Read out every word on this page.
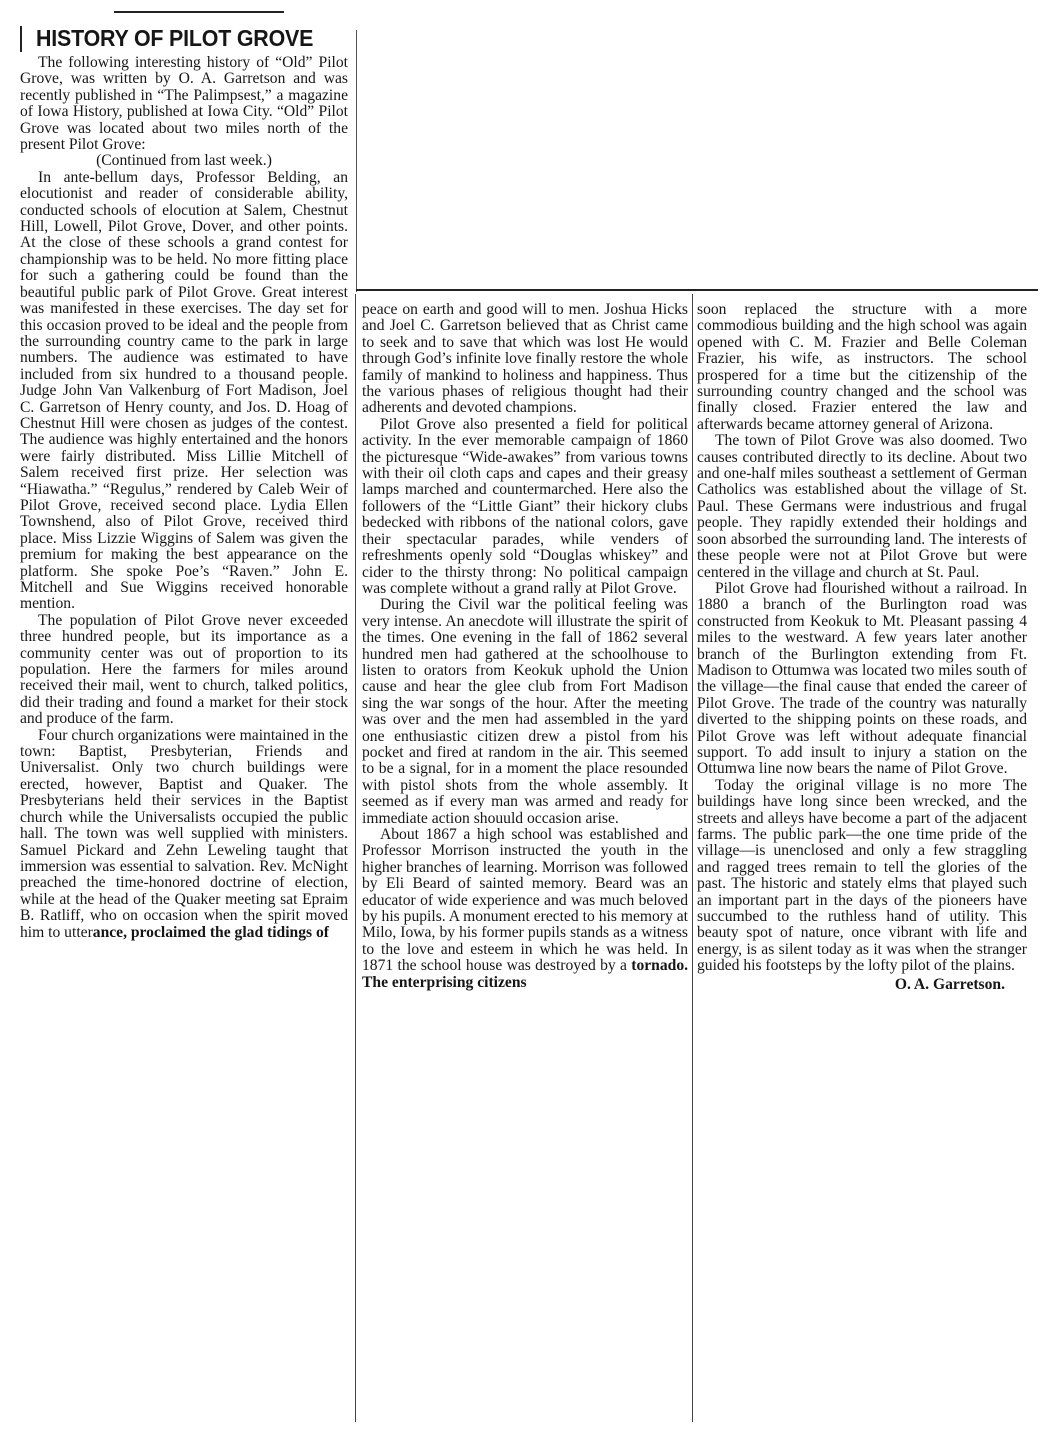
HISTORY OF PILOT GROVE

The following interesting history of “Old” Pilot Grove, was written by O. A. Garretson and was recently published in “The Palimpsest,” a magazine of Iowa History, published at Iowa City. “Old” Pilot Grove was located about two miles north of the present Pilot Grove:

(Continued from last week.)

In ante-bellum days, Professor Belding, an elocutionist and reader of considerable ability, conducted schools of elocution at Salem, Chestnut Hill, Lowell, Pilot Grove, Dover, and other points. At the close of these schools a grand contest for championship was to be held. No more fitting place for such a gathering could be found than the beautiful public park of Pilot Grove. Great interest was manifested in these exercises. The day set for this occasion proved to be ideal and the people from the surrounding country came to the park in large numbers. The audience was estimated to have included from six hundred to a thousand people. Judge John Van Valkenburg of Fort Madison, Joel C. Garretson of Henry county, and Jos. D. Hoag of Chestnut Hill were chosen as judges of the contest. The audience was highly entertained and the honors were fairly distributed. Miss Lillie Mitchell of Salem received first prize. Her selection was “Hiawatha.” “Regulus,” rendered by Caleb Weir of Pilot Grove, received second place. Lydia Ellen Townshend, also of Pilot Grove, received third place. Miss Lizzie Wiggins of Salem was given the premium for making the best appearance on the platform. She spoke Poe’s “Raven.” John E. Mitchell and Sue Wiggins received honorable mention.

The population of Pilot Grove never exceeded three hundred people, but its importance as a community center was out of proportion to its population. Here the farmers for miles around received their mail, went to church, talked politics, did their trading and found a market for their stock and produce of the farm.

Four church organizations were maintained in the town: Baptist, Presbyterian, Friends and Universalist. Only two church buildings were erected, however, Baptist and Quaker. The Presbyterians held their services in the Baptist church while the Universalists occupied the public hall. The town was well supplied with ministers. Samuel Pickard and Zehn Leweling taught that immersion was essential to salvation. Rev. McNight preached the time-honored doctrine of election, while at the head of the Quaker meeting sat Epraim B. Ratliff, who on occasion when the spirit moved him to utterance, proclaimed the glad tidings of

peace on earth and good will to men. Joshua Hicks and Joel C. Garretson believed that as Christ came to seek and to save that which was lost He would through God’s infinite love finally restore the whole family of mankind to holiness and happiness. Thus the various phases of religious thought had their adherents and devoted champions.

Pilot Grove also presented a field for political activity. In the ever memorable campaign of 1860 the picturesque “Wide-awakes” from various towns with their oil cloth caps and capes and their greasy lamps marched and countermarched. Here also the followers of the “Little Giant” their hickory clubs bedecked with ribbons of the national colors, gave their spectacular parades, while venders of refreshments openly sold “Douglas whiskey” and cider to the thirsty throng: No political campaign was complete without a grand rally at Pilot Grove.

During the Civil war the political feeling was very intense. An anecdote will illustrate the spirit of the times. One evening in the fall of 1862 several hundred men had gathered at the schoolhouse to listen to orators from Keokuk uphold the Union cause and hear the glee club from Fort Madison sing the war songs of the hour. After the meeting was over and the men had assembled in the yard one enthusiastic citizen drew a pistol from his pocket and fired at random in the air. This seemed to be a signal, for in a moment the place resounded with pistol shots from the whole assembly. It seemed as if every man was armed and ready for immediate action shouuld occasion arise.

About 1867 a high school was established and Professor Morrison instructed the youth in the higher branches of learning. Morrison was followed by Eli Beard of sainted memory. Beard was an educator of wide experience and was much beloved by his pupils. A monument erected to his memory at Milo, Iowa, by his former pupils stands as a witness to the love and esteem in which he was held. In 1871 the school house was destroyed by a tornado. The enterprising citizens

soon replaced the structure with a more commodious building and the high school was again opened with C. M. Frazier and Belle Coleman Frazier, his wife, as instructors. The school prospered for a time but the citizenship of the surrounding country changed and the school was finally closed. Frazier entered the law and afterwards became attorney general of Arizona.

The town of Pilot Grove was also doomed. Two causes contributed directly to its decline. About two and one-half miles southeast a settlement of German Catholics was established about the village of St. Paul. These Germans were industrious and frugal people. They rapidly extended their holdings and soon absorbed the surrounding land. The interests of these people were not at Pilot Grove but were centered in the village and church at St. Paul.

Pilot Grove had flourished without a railroad. In 1880 a branch of the Burlington road was constructed from Keokuk to Mt. Pleasant passing 4 miles to the westward. A few years later another branch of the Burlington extending from Ft. Madison to Ottumwa was located two miles south of the village—the final cause that ended the career of Pilot Grove. The trade of the country was naturally diverted to the shipping points on these roads, and Pilot Grove was left without adequate financial support. To add insult to injury a station on the Ottumwa line now bears the name of Pilot Grove.

Today the original village is no more The buildings have long since been wrecked, and the streets and alleys have become a part of the adjacent farms. The public park—the one time pride of the village—is unenclosed and only a few straggling and ragged trees remain to tell the glories of the past. The historic and stately elms that played such an important part in the days of the pioneers have succumbed to the ruthless hand of utility. This beauty spot of nature, once vibrant with life and energy, is as silent today as it was when the stranger guided his footsteps by the lofty pilot of the plains.

O. A. Garretson.
